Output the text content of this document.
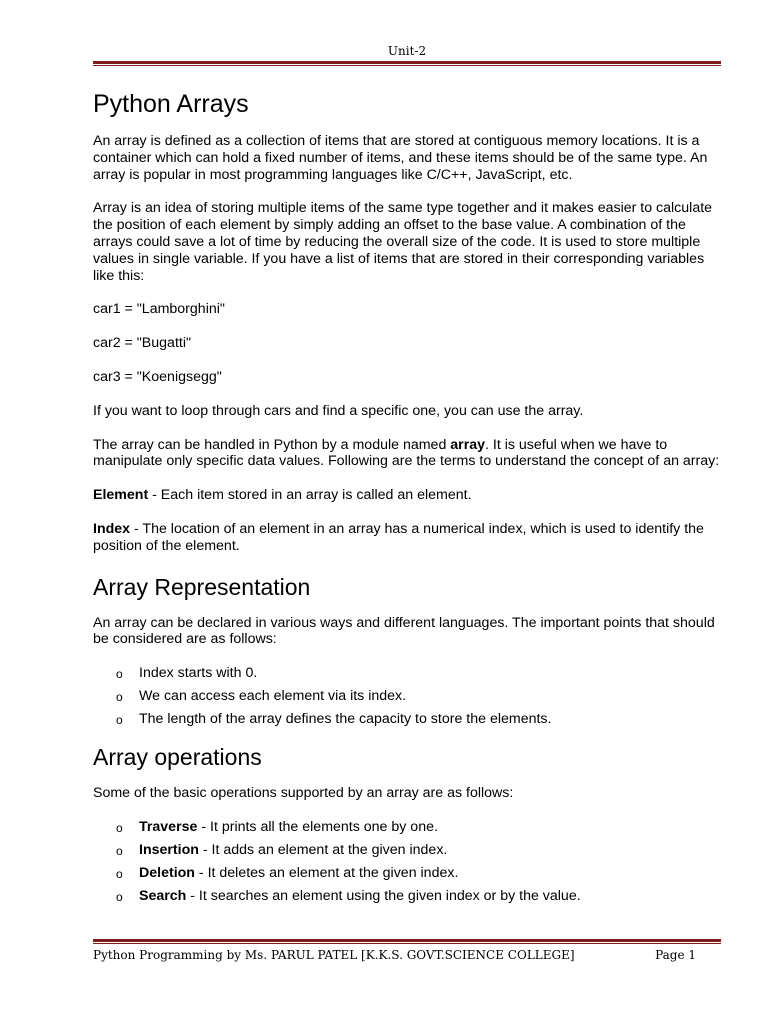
Unit-2
Python Arrays

An array is defined as a collection of items that are stored at contiguous memory locations. It is a container which can hold a fixed number of items, and these items should be of the same type. An array is popular in most programming languages like C/C++, JavaScript, etc.

Array is an idea of storing multiple items of the same type together and it makes easier to calculate the position of each element by simply adding an offset to the base value. A combination of the arrays could save a lot of time by reducing the overall size of the code. It is used to store multiple values in single variable. If you have a list of items that are stored in their corresponding variables like this:

car1 = "Lamborghini"

car2 = "Bugatti"

car3 = "Koenigsegg"

If you want to loop through cars and find a specific one, you can use the array.

The array can be handled in Python by a module named array. It is useful when we have to manipulate only specific data values. Following are the terms to understand the concept of an array:

Element - Each item stored in an array is called an element.

Index - The location of an element in an array has a numerical index, which is used to identify the position of the element.

Array Representation

An array can be declared in various ways and different languages. The important points that should be considered are as follows:

o Index starts with 0.
o We can access each element via its index.
o The length of the array defines the capacity to store the elements.
Array operations

Some of the basic operations supported by an array are as follows:

o Traverse - It prints all the elements one by one.
o Insertion - It adds an element at the given index.
o Deletion - It deletes an element at the given index.
o Search - It searches an element using the given index or by the value.
Python Programming by Ms. PARUL PATEL [K.K.S. GOVT.SCIENCE COLLEGE]	Page 1
